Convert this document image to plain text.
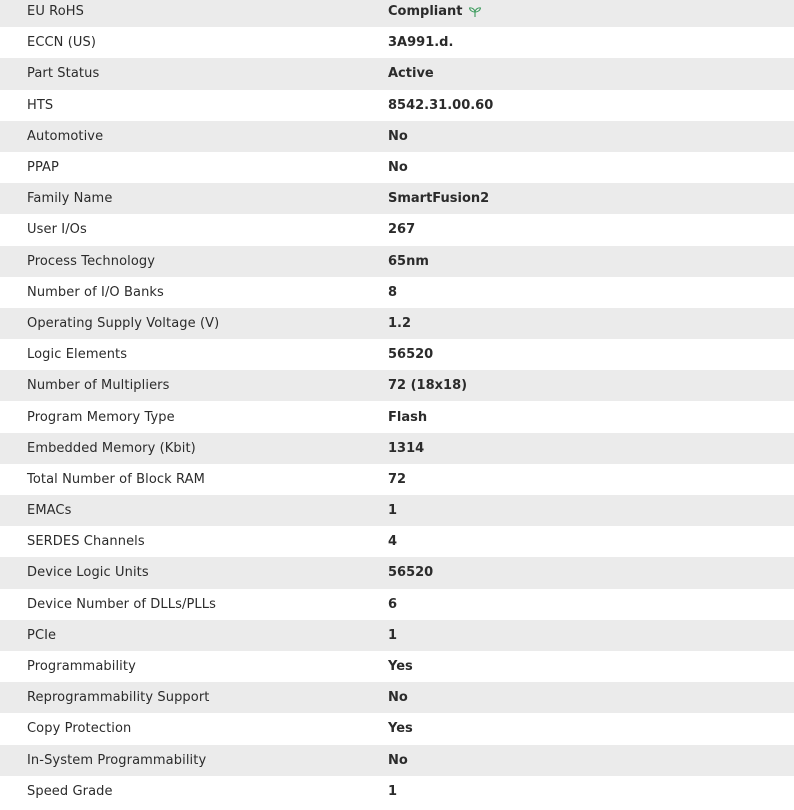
EU RoHS	Compliant
ECCN (US)	3A991.d.
Part Status	Active
HTS	8542.31.00.60
Automotive	No
PPAP	No
Family Name	SmartFusion2
User I/Os	267
Process Technology	65nm
Number of I/O Banks	8
Operating Supply Voltage (V)	1.2
Logic Elements	56520
Number of Multipliers	72 (18x18)
Program Memory Type	Flash
Embedded Memory (Kbit)	1314
Total Number of Block RAM	72
EMACs	1
SERDES Channels	4
Device Logic Units	56520
Device Number of DLLs/PLLs	6
PCIe	1
Programmability	Yes
Reprogrammability Support	No
Copy Protection	Yes
In-System Programmability	No
Speed Grade	1
